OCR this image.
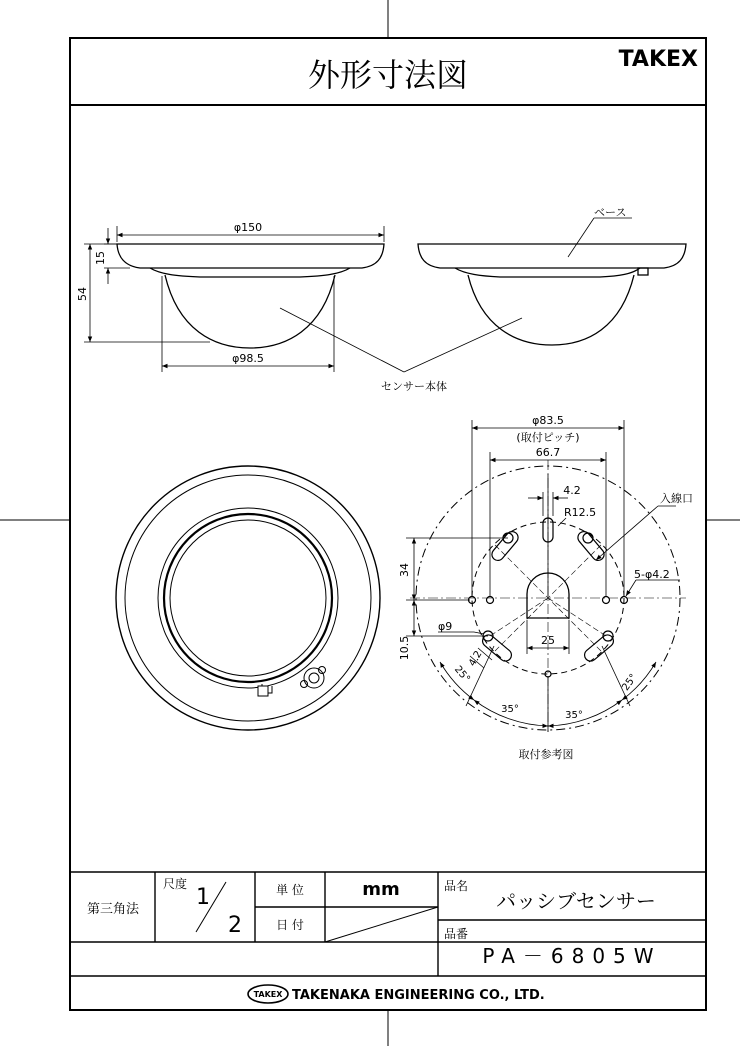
外形寸法図	TAKEX
φ150
15
54
φ98.5
ベース
センサー本体
φ83.5
(取付ピッチ)
66.7
4.2
R12.5
入線口
5-φ4.2
34
10.5
φ9
25
4.2
25°	25°
35°
35°
取付参考図
第三角法
尺度
1
2
単 位	mm
日 付
品名
パッシブセンサー
品番
PA－6805W
TAKEX TAKENAKA ENGINEERING CO., LTD.
